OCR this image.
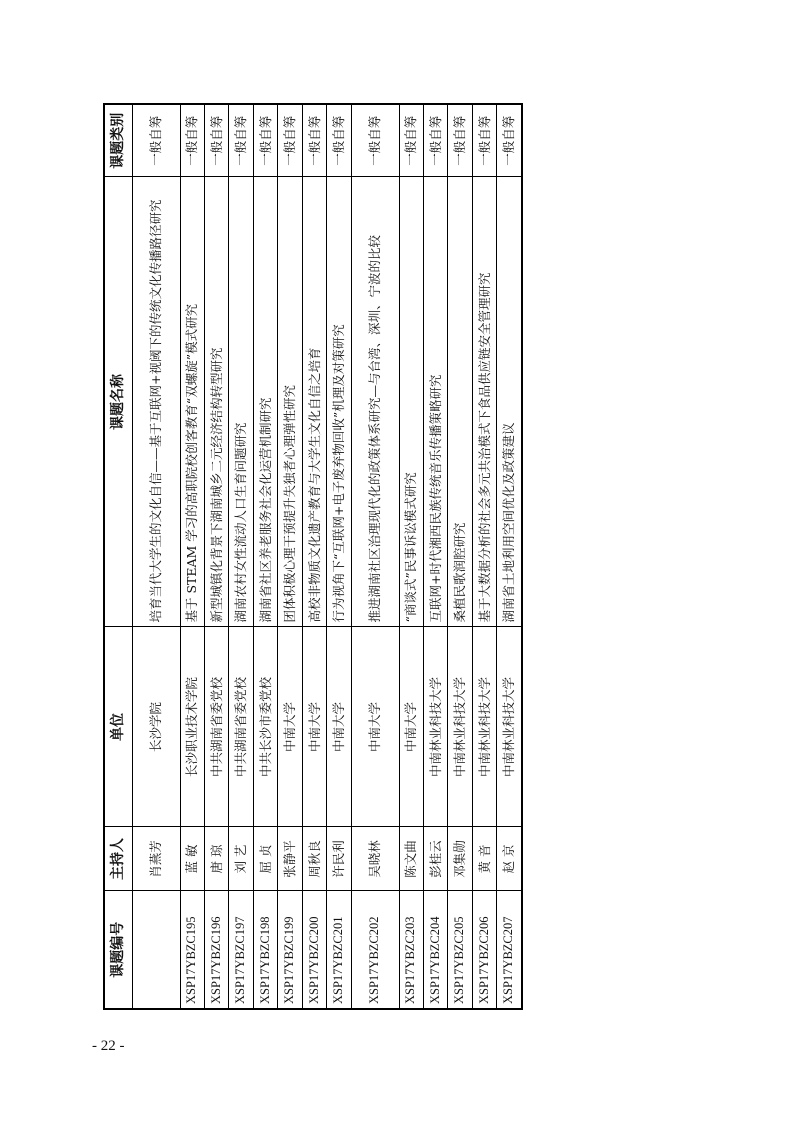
- 22 -
课题编号	主持人	单位	课题名称	课题类别
	肖燕芳	长沙学院	培育当代大学生的文化自信——基于互联网+视阈下的传统文化传播路径研究	一般自筹
XSP17YBZC195	蓝 敏	长沙职业技术学院	基于 STEAM 学习的高职院校创客教育“双螺旋”模式研究	一般自筹
XSP17YBZC196	唐 琼	中共湖南省委党校	新型城镇化背景下湖南城乡二元经济结构转型研究	一般自筹
XSP17YBZC197	刘 艺	中共湖南省委党校	湖南农村女性流动人口生育问题研究	一般自筹
XSP17YBZC198	屈 贞	中共长沙市委党校	湖南省社区养老服务社会化运营机制研究	一般自筹
XSP17YBZC199	张静平	中南大学	团体积极心理干预提升失独者心理弹性研究	一般自筹
XSP17YBZC200	周秋良	中南大学	高校非物质文化遗产教育与大学生文化自信之培育	一般自筹
XSP17YBZC201	许民利	中南大学	行为视角下“互联网+电子废弃物回收”机理及对策研究	一般自筹
XSP17YBZC202	吴晓林	中南大学	推进湖南社区治理现代化的政策体系研究—与台湾、深圳、宁波的比较	一般自筹
XSP17YBZC203	陈文曲	中南大学	“商谈式”民事诉讼模式研究	一般自筹
XSP17YBZC204	彭桂云	中南林业科技大学	互联网+时代湘西民族传统音乐传播策略研究	一般自筹
XSP17YBZC205	邓集勋	中南林业科技大学	桑植民歌润腔研究	一般自筹
XSP17YBZC206	黄 音	中南林业科技大学	基于大数据分析的社会多元共治模式下食品供应链安全管理研究	一般自筹
XSP17YBZC207	赵 京	中南林业科技大学	湖南省土地利用空间优化及政策建议	一般自筹
